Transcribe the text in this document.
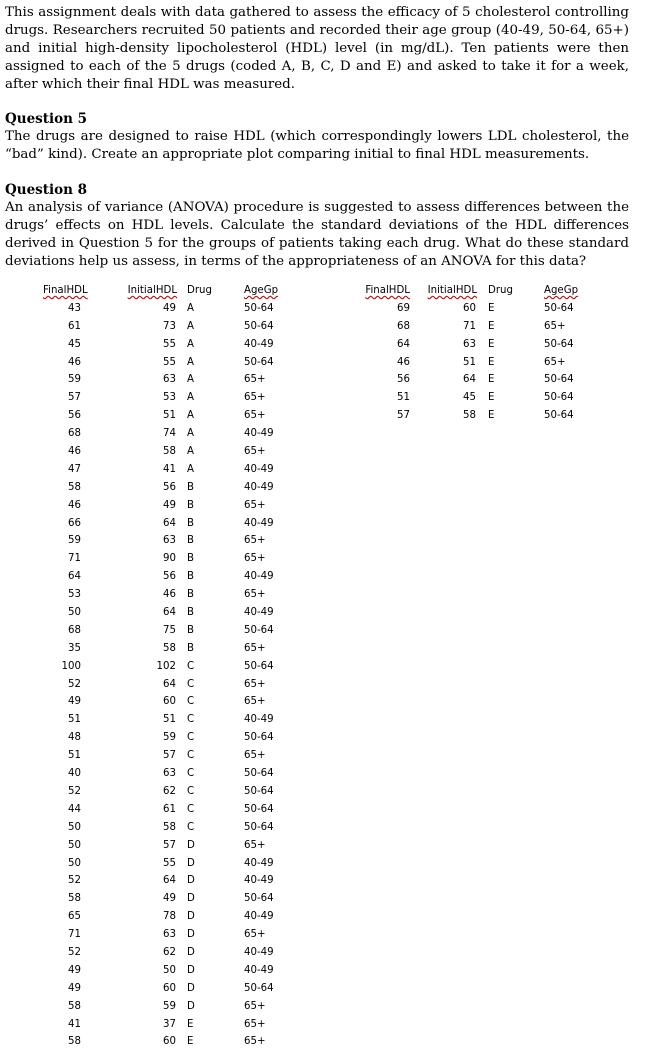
This assignment deals with data gathered to assess the efficacy of 5 cholesterol controlling drugs. Researchers recruited 50 patients and recorded their age group (40-49, 50-64, 65+) and initial high-density lipocholesterol (HDL) level (in mg/dL). Ten patients were then assigned to each of the 5 drugs (coded A, B, C, D and E) and asked to take it for a week, after which their final HDL was measured.

Question 5

The drugs are designed to raise HDL (which correspondingly lowers LDL cholesterol, the “bad” kind). Create an appropriate plot comparing initial to final HDL measurements.

Question 8

An analysis of variance (ANOVA) procedure is suggested to assess differences between the drugs’ effects on HDL levels. Calculate the standard deviations of the HDL differences derived in Question 5 for the groups of patients taking each drug. What do these standard deviations help us assess, in terms of the appropriateness of an ANOVA for this data?

FinalHDL	InitialHDL Drug	AgeGp
43	49 A	50-64
61	73 A	50-64
45	55 A	40-49
46	55 A	50-64
59	63 A	65+
57	53 A	65+
56	51 A	65+
68	74 A	40-49
46	58 A	65+
47	41 A	40-49
58	56 B	40-49
46	49 B	65+
66	64 B	40-49
59	63 B	65+
71	90 B	65+
64	56 B	40-49
53	46 B	65+
50	64 B	40-49
68	75 B	50-64
35	58 B	65+
100	102 C	50-64
52	64 C	65+
49	60 C	65+
51	51 C	40-49
48	59 C	50-64
51	57 C	65+
40	63 C	50-64
52	62 C	50-64
44	61 C	50-64
50	58 C	50-64
50	57 D	65+
50	55 D	40-49
52	64 D	40-49
58	49 D	50-64
65	78 D	40-49
71	63 D	65+
52	62 D	40-49
49	50 D	40-49
49	60 D	50-64
58	59 D	65+
41	37 E	65+
58	60 E	65+
FinalHDL	InitialHDL Drug	AgeGp
69	60 E	50-64
68	71 E	65+
64	63 E	50-64
46	51 E	65+
56	64 E	50-64
51	45 E	50-64
57	58 E	50-64
